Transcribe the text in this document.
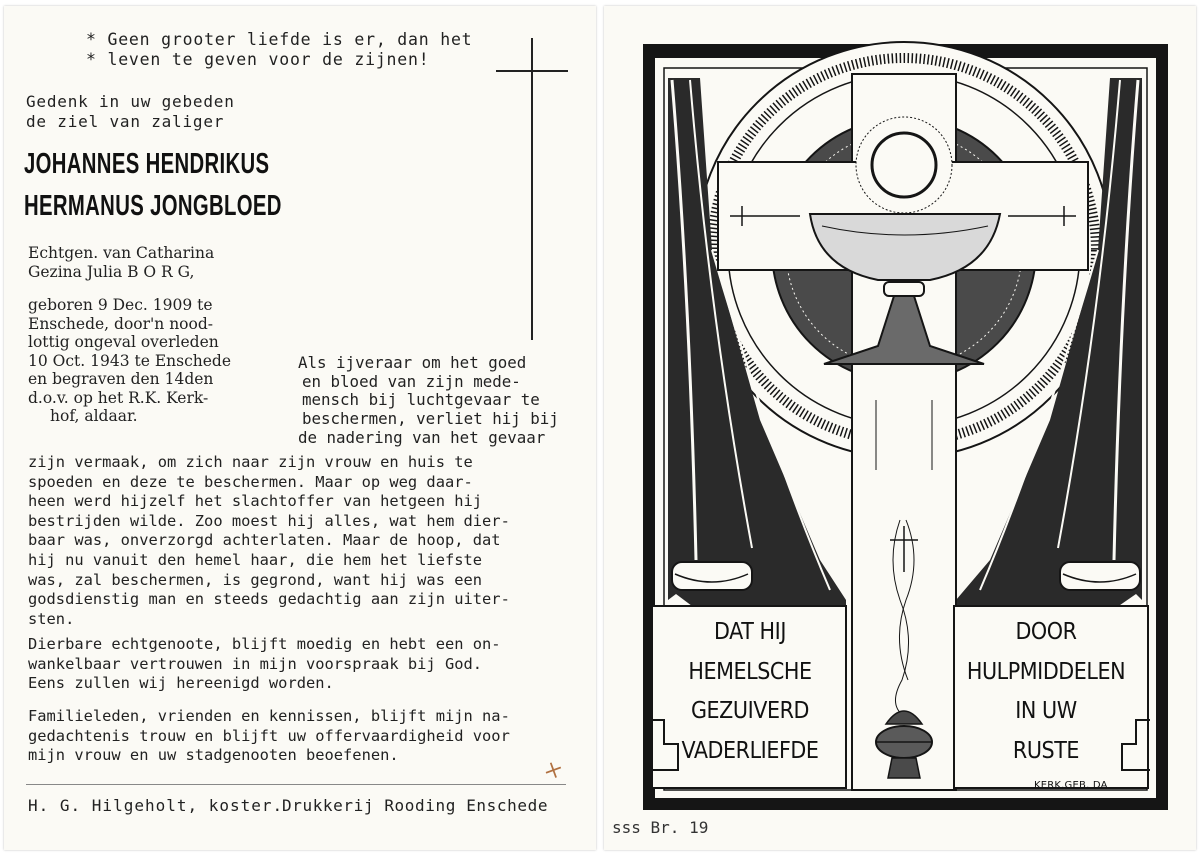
* Geen grooter liefde is er, dan het
* leven te geven voor de zijnen!
Gedenk in uw gebeden
de ziel van zaliger
JOHANNES HENDRIKUS
HERMANUS JONGBLOED
Echtgen. van Catharina
Gezina Julia B O R G,
geboren 9 Dec. 1909 te
Enschede, door'n nood-
lottig ongeval overleden
10 Oct. 1943 te Enschede
en begraven den 14den
d.o.v. op het R.K. Kerk-
hof, aldaar.
Als ijveraar om het goed
en bloed van zijn mede-
mensch bij luchtgevaar te
beschermen, verliet hij bij
de nadering van het gevaar
zijn vermaak, om zich naar zijn vrouw en huis te
spoeden en deze te beschermen. Maar op weg daar-
heen werd hijzelf het slachtoffer van hetgeen hij
bestrijden wilde. Zoo moest hij alles, wat hem dier-
baar was, onverzorgd achterlaten. Maar de hoop, dat
hij nu vanuit den hemel haar, die hem het liefste
was, zal beschermen, is gegrond, want hij was een
godsdienstig man en steeds gedachtig aan zijn uiter-
sten.
Dierbare echtgenoote, blijft moedig en hebt een on-
wankelbaar vertrouwen in mijn voorspraak bij God.
Eens zullen wij hereenigd worden.
Familieleden, vrienden en kennissen, blijft mijn na-
gedachtenis trouw en blijft uw offervaardigheid voor
mijn vrouw en uw stadgenooten beoefenen.
⨯
H. G. Hilgeholt, koster.
Drukkerij Rooding Enschede
DAT HIJ
HEMELSCHE
GEZUIVERD
VADERLIEFDE
DOOR
HULPMIDDELEN
IN UW
RUSTE
KERK.GEB. DA
sss Br. 19
